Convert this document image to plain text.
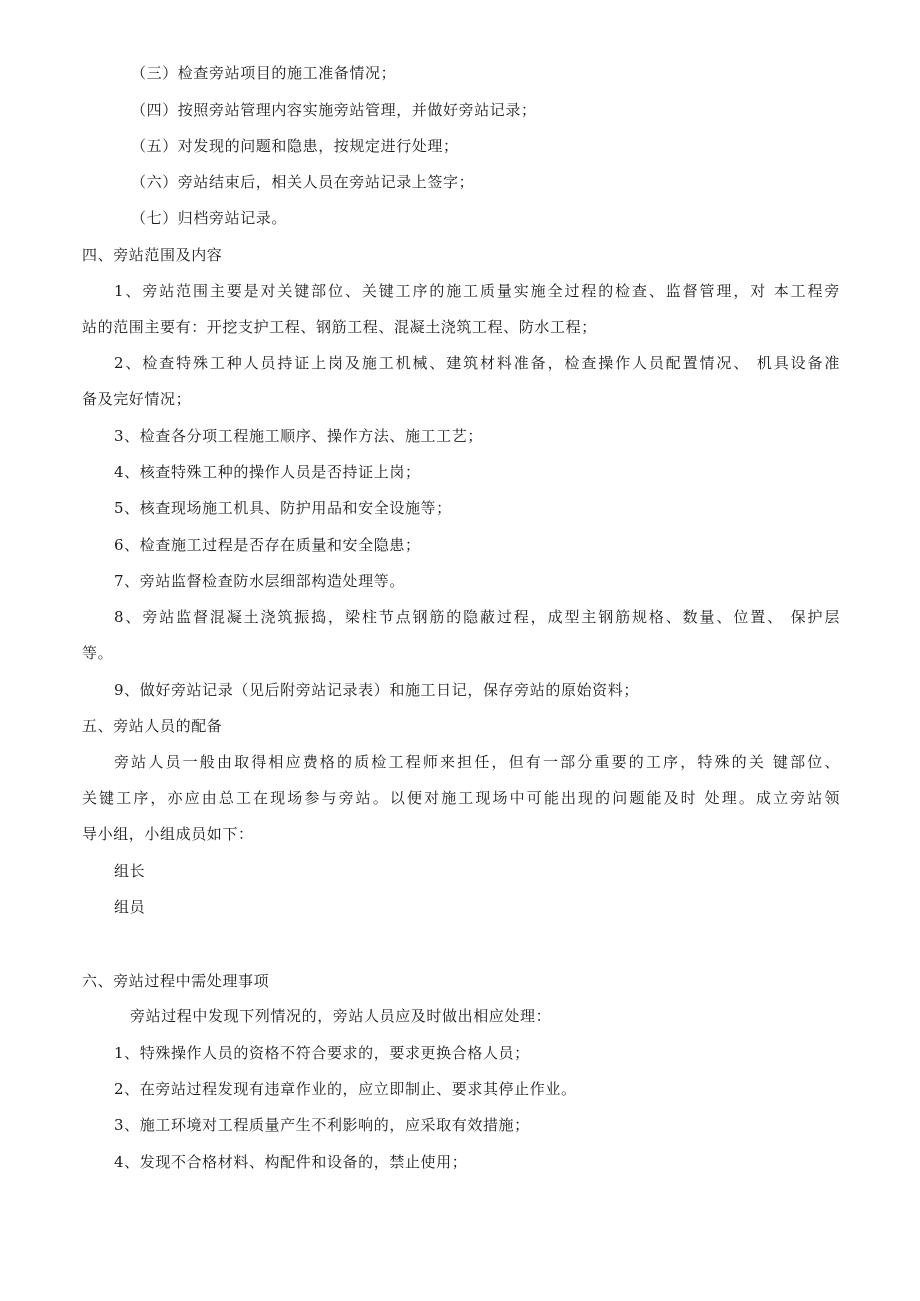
（三）检查旁站项目的施工准备情况；
（四）按照旁站管理内容实施旁站管理，并做好旁站记录；
（五）对发现的问题和隐患，按规定进行处理；
（六）旁站结束后，相关人员在旁站记录上签字；
（七）归档旁站记录。
四、旁站范围及内容
1、旁站范围主要是对关键部位、关键工序的施工质量实施全过程的检查、监督管理，对 本工程旁
站的范围主要有：开挖支护工程、钢筋工程、混凝土浇筑工程、防水工程；
2、检查特殊工种人员持证上岗及施工机械、建筑材料准备，检查操作人员配置情况、 机具设备准
备及完好情况；
3、检查各分项工程施工顺序、操作方法、施工工艺；
4、核查特殊工种的操作人员是否持证上岗；
5、核查现场施工机具、防护用品和安全设施等；
6、检查施工过程是否存在质量和安全隐患；
7、旁站监督检查防水层细部构造处理等。
8、旁站监督混凝土浇筑振捣，梁柱节点钢筋的隐蔽过程，成型主钢筋规格、数量、位置、 保护层
等。
9、做好旁站记录（见后附旁站记录表）和施工日记，保存旁站的原始资料；
五、旁站人员的配备
旁站人员一般由取得相应费格的质检工程师来担任，但有一部分重要的工序，特殊的关 键部位、
关键工序，亦应由总工在现场参与旁站。以便对施工现场中可能出现的问题能及时 处理。成立旁站领
导小组，小组成员如下：
组长
组员
六、旁站过程中需处理事项
旁站过程中发现下列情况的，旁站人员应及时做出相应处理：
1、特殊操作人员的资格不符合要求的，要求更换合格人员；
2、在旁站过程发现有违章作业的，应立即制止、要求其停止作业。
3、施工环境对工程质量产生不利影响的，应采取有效措施；
4、发现不合格材料、构配件和设备的，禁止使用；
